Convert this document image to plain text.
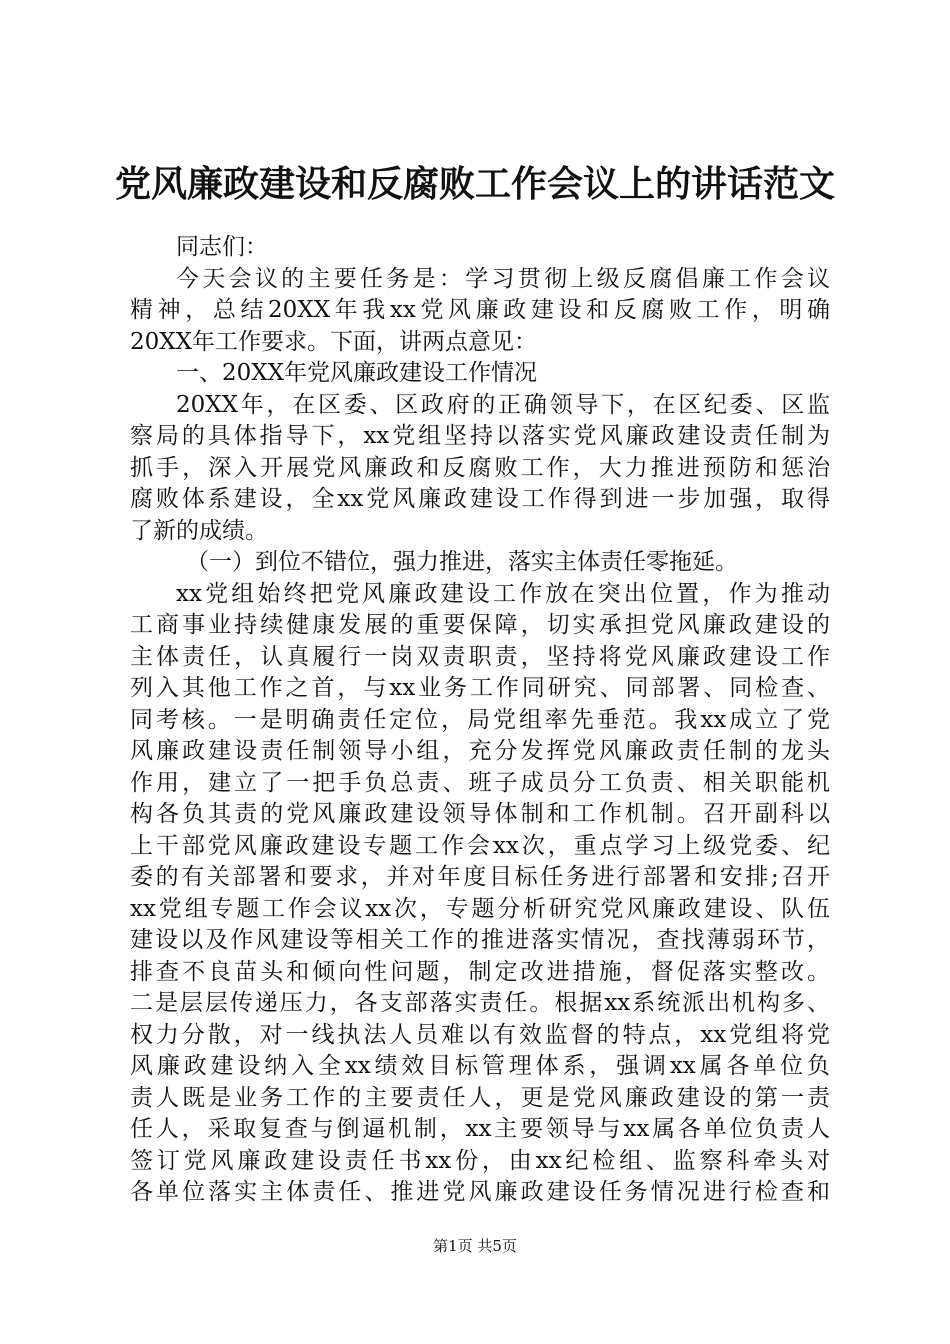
党风廉政建设和反腐败工作会议上的讲话范文
同志们：
今天会议的主要任务是：学习贯彻上级反腐倡廉工作会议
精神，总结20XX年我xx党风廉政建设和反腐败工作，明确
20XX年工作要求。下面，讲两点意见：
一、20XX年党风廉政建设工作情况
20XX年，在区委、区政府的正确领导下，在区纪委、区监
察局的具体指导下，xx党组坚持以落实党风廉政建设责任制为
抓手，深入开展党风廉政和反腐败工作，大力推进预防和惩治
腐败体系建设，全xx党风廉政建设工作得到进一步加强，取得
了新的成绩。
（一）到位不错位，强力推进，落实主体责任零拖延。
xx党组始终把党风廉政建设工作放在突出位置，作为推动
工商事业持续健康发展的重要保障，切实承担党风廉政建设的
主体责任，认真履行一岗双责职责，坚持将党风廉政建设工作
列入其他工作之首，与xx业务工作同研究、同部署、同检查、
同考核。一是明确责任定位，局党组率先垂范。我xx成立了党
风廉政建设责任制领导小组，充分发挥党风廉政责任制的龙头
作用，建立了一把手负总责、班子成员分工负责、相关职能机
构各负其责的党风廉政建设领导体制和工作机制。召开副科以
上干部党风廉政建设专题工作会xx次，重点学习上级党委、纪
委的有关部署和要求，并对年度目标任务进行部署和安排;召开
xx党组专题工作会议xx次，专题分析研究党风廉政建设、队伍
建设以及作风建设等相关工作的推进落实情况，查找薄弱环节，
排查不良苗头和倾向性问题，制定改进措施，督促落实整改。
二是层层传递压力，各支部落实责任。根据xx系统派出机构多、
权力分散，对一线执法人员难以有效监督的特点，xx党组将党
风廉政建设纳入全xx绩效目标管理体系，强调xx属各单位负
责人既是业务工作的主要责任人，更是党风廉政建设的第一责
任人，采取复查与倒逼机制，xx主要领导与xx属各单位负责人
签订党风廉政建设责任书xx份，由xx纪检组、监察科牵头对
各单位落实主体责任、推进党风廉政建设任务情况进行检查和
第1页 共5页
